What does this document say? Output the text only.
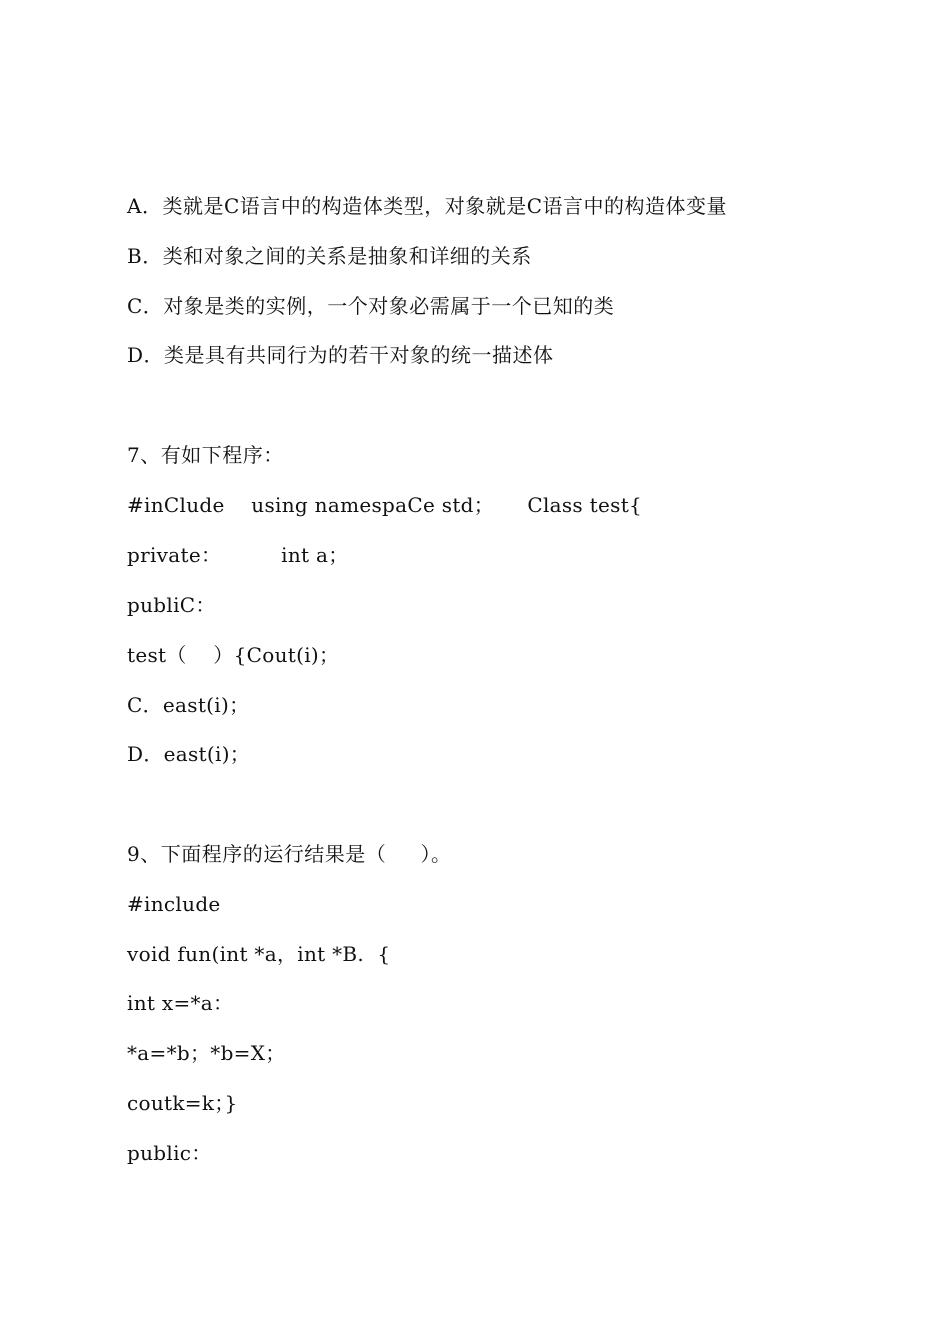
A．类就是C语言中的构造体类型，对象就是C语言中的构造体变量
B．类和对象之间的关系是抽象和详细的关系
C．对象是类的实例，一个对象必需属于一个已知的类
D．类是具有共同行为的若干对象的统一描述体
7、有如下程序：
#inClude    using namespaCe std；     Class test{
private：         int a；
publiC：
test（    ）{Cout(i)；
C．east(i)；
D．east(i)；
9、下面程序的运行结果是（     ）。
#include
void fun(int *a，int *B.  {
int x=*a：
*a=*b；*b=X；
coutk=k；}
public：
